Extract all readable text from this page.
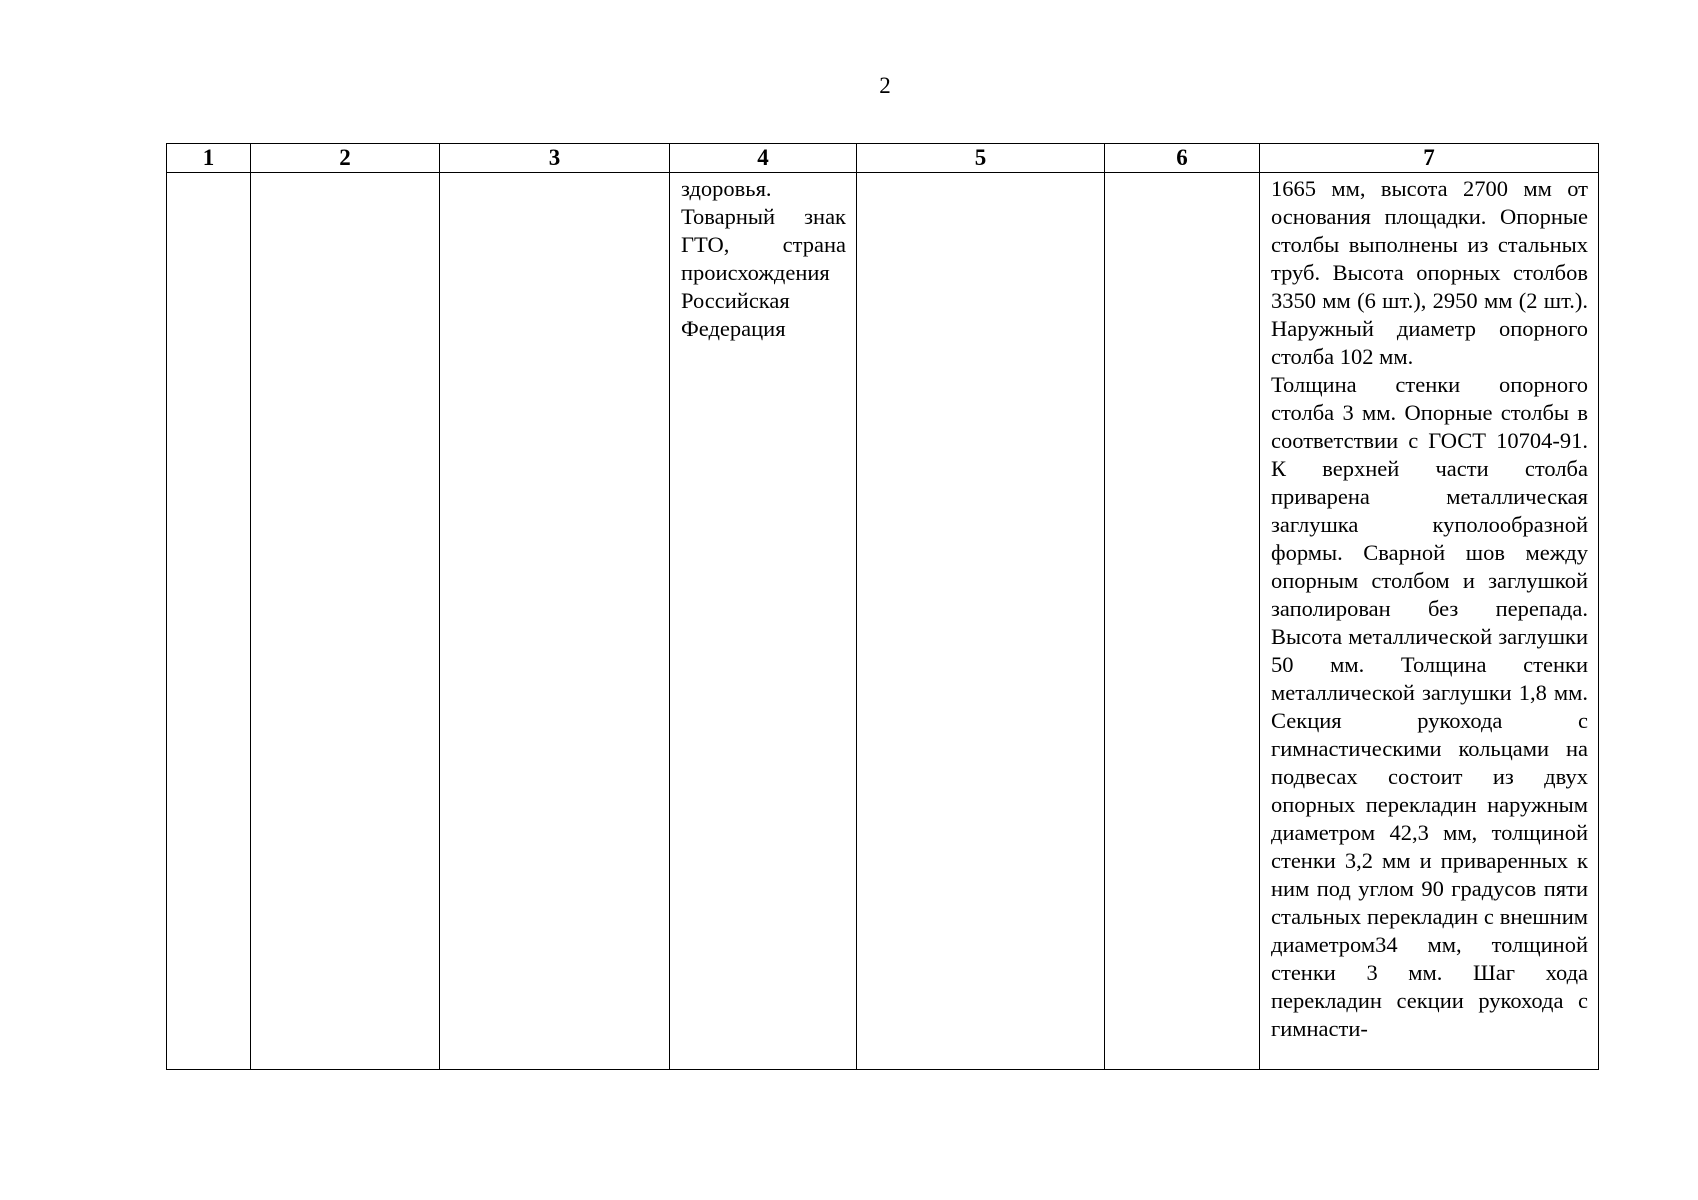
2
1	2	3	4	5	6	7

			здоровья. Товарный знак ГТО, страна происхождения Российская Федерация			1665 мм, высота 2700 мм от основания площадки. Опорные столбы выполнены из стальных труб. Высота опорных столбов 3350 мм (6 шт.), 2950 мм (2 шт.). Наружный диаметр опорного столба 102 мм.

Толщина стенки опорного столба 3 мм. Опорные столбы в соответствии с ГОСТ 10704-91. К верхней части столба приварена металлическая заглушка куполообразной формы. Сварной шов между опорным столбом и заглушкой заполирован без перепада. Высота металлической заглушки 50 мм. Толщина стенки металлической заглушки 1,8 мм. Секция рукохода с гимнастическими кольцами на подвесах состоит из двух опорных перекладин наружным диаметром 42,3 мм, толщиной стенки 3,2 мм и приваренных к ним под углом 90 градусов пяти стальных перекладин с внешним диаметром34 мм, толщиной стенки 3 мм. Шаг хода перекладин секции рукохода с гимнасти-
